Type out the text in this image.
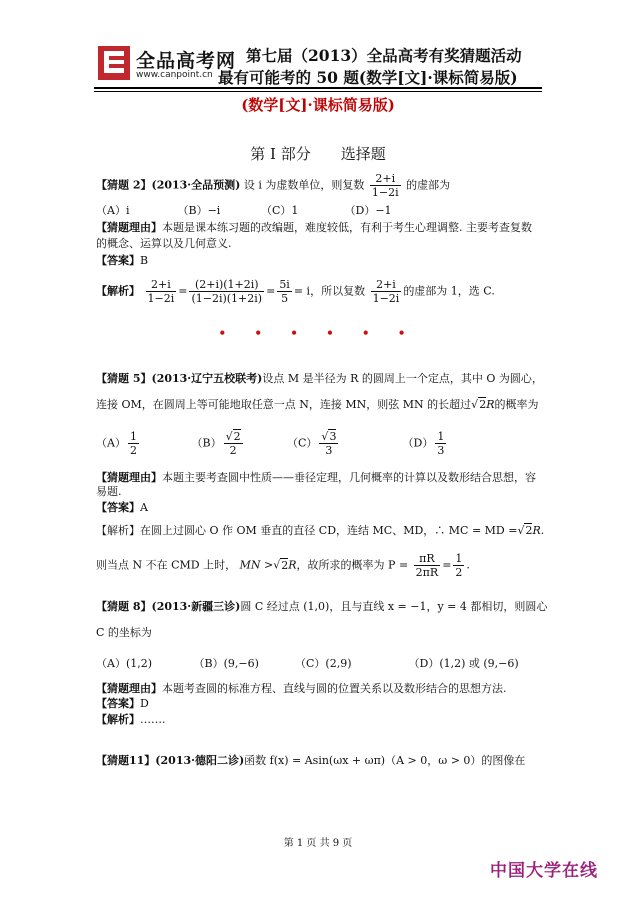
全品高考网
www.canpoint.cn
第七届（2013）全品高考有奖猜题活动
最有可能考的 50 题(数学[文]·课标简易版)
(数学[文]·课标简易版)
第 I 部分　　选择题
【猜题 2】(2013·全品预测) 设 i 为虚数单位，则复数 $\frac{2+i}{1-2i}$ 的虚部为
（A）i	（B）−i	（C）1	（D）−1
【猜题理由】本题是课本练习题的改编题，难度较低，有利于考生心理调整. 主要考查复数
的概念、运算以及几何意义.
【答案】B
【解析】 $\frac{2+i}{1-2i} = \frac{(2+i)(1+2i)}{(1-2i)(1+2i)} = \frac{5i}{5} = i$，所以复数 $\frac{2+i}{1-2i}$ 的虚部为 1，选 C.
• • • • • •
【猜题 5】(2013·辽宁五校联考)设点 M 是半径为 R 的圆周上一个定点，其中 O 为圆心，
连接 OM，在圆周上等可能地取任意一点 N，连接 MN，则弦 MN 的长超过√2R的概率为
$(A) \frac{1}{2}$	$(B) \frac{√2}{2}$	$(C) \frac{√3}{3}$	$(D) \frac{1}{3}$
【猜题理由】本题主要考查圆中性质——垂径定理，几何概率的计算以及数形结合思想，容
易题.
【答案】A
【解析】在圆上过圆心 O 作 OM 垂直的直径 CD，连结 MC、MD，∴ MC = MD =√2R.
则当点 N 不在 CMD 上时， MN >√2R，故所求的概率为 $P = \frac{\pi R}{2\pi R} = \frac{1}{2}$ .
【猜题 8】(2013·新疆三诊)圆 C 经过点 (1,0)，且与直线 x = −1，y = 4 都相切，则圆心
C 的坐标为
（A）(1,2)	（B）(9,−6)	（C）(2,9)	（D）(1,2) 或 (9,−6)
【猜题理由】本题考查圆的标准方程、直线与圆的位置关系以及数形结合的思想方法.
【答案】D
【解析】…….
【猜题11】(2013·德阳二诊)函数 f(x) = Asin(ωx + ωπ)（A > 0，ω > 0）的图像在
第 1 页 共 9 页
中国大学在线
